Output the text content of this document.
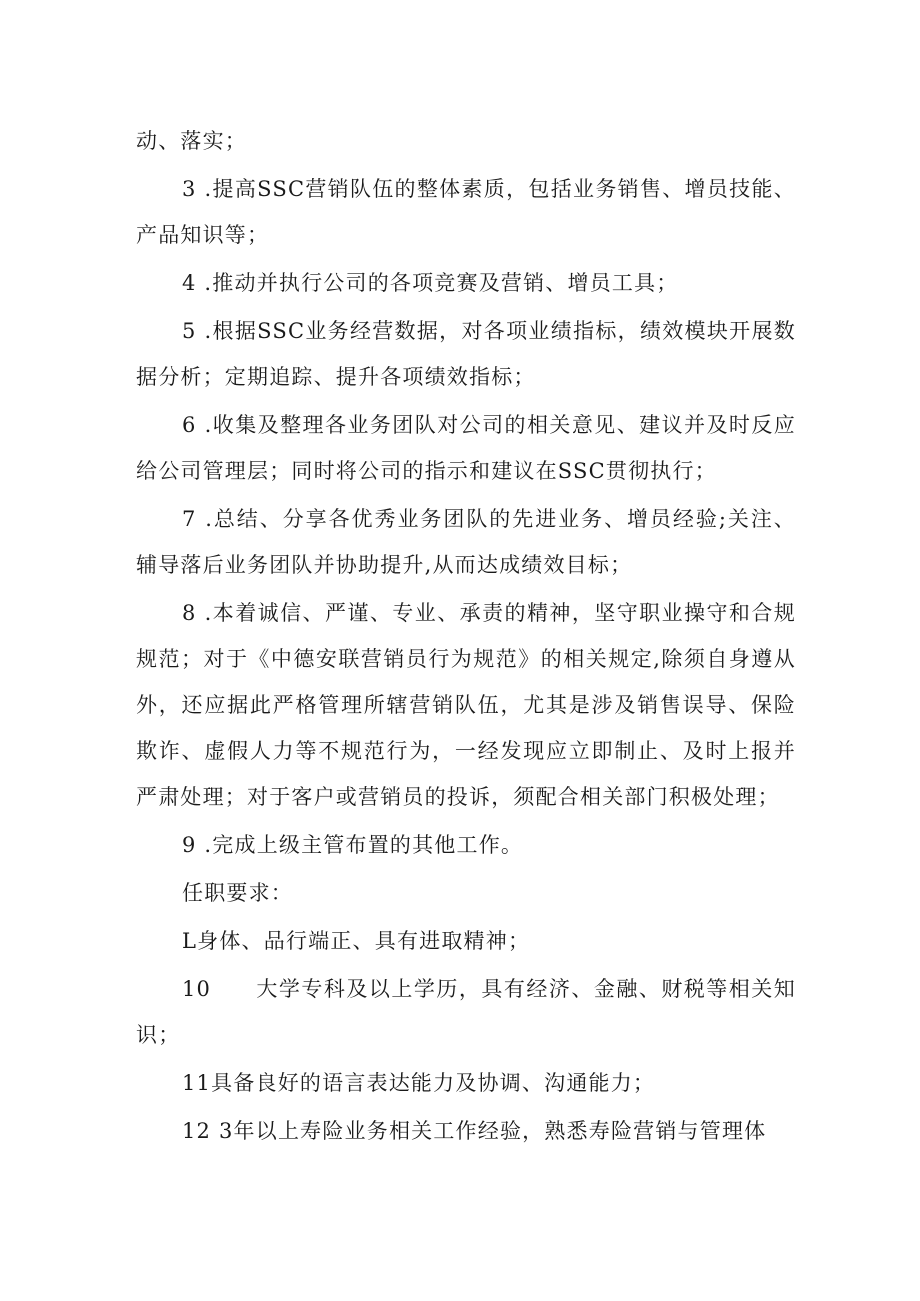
动、落实；

3 .提高SSC营销队伍的整体素质，包括业务销售、增员技能、产品知识等；

4 .推动并执行公司的各项竞赛及营销、增员工具；

5 .根据SSC业务经营数据，对各项业绩指标，绩效模块开展数据分析；定期追踪、提升各项绩效指标；

6 .收集及整理各业务团队对公司的相关意见、建议并及时反应给公司管理层；同时将公司的指示和建议在SSC贯彻执行；

7 .总结、分享各优秀业务团队的先进业务、增员经验;关注、辅导落后业务团队并协助提升,从而达成绩效目标；

8 .本着诚信、严谨、专业、承责的精神，坚守职业操守和合规规范；对于《中德安联营销员行为规范》的相关规定,除须自身遵从外，还应据此严格管理所辖营销队伍，尤其是涉及销售误导、保险欺诈、虚假人力等不规范行为，一经发现应立即制止、及时上报并严肃处理；对于客户或营销员的投诉，须配合相关部门积极处理；

9 .完成上级主管布置的其他工作。

任职要求：

L身体、品行端正、具有进取精神；

10　　大学专科及以上学历，具有经济、金融、财税等相关知识；

11具备良好的语言表达能力及协调、沟通能力；

12 3年以上寿险业务相关工作经验，熟悉寿险营销与管理体
